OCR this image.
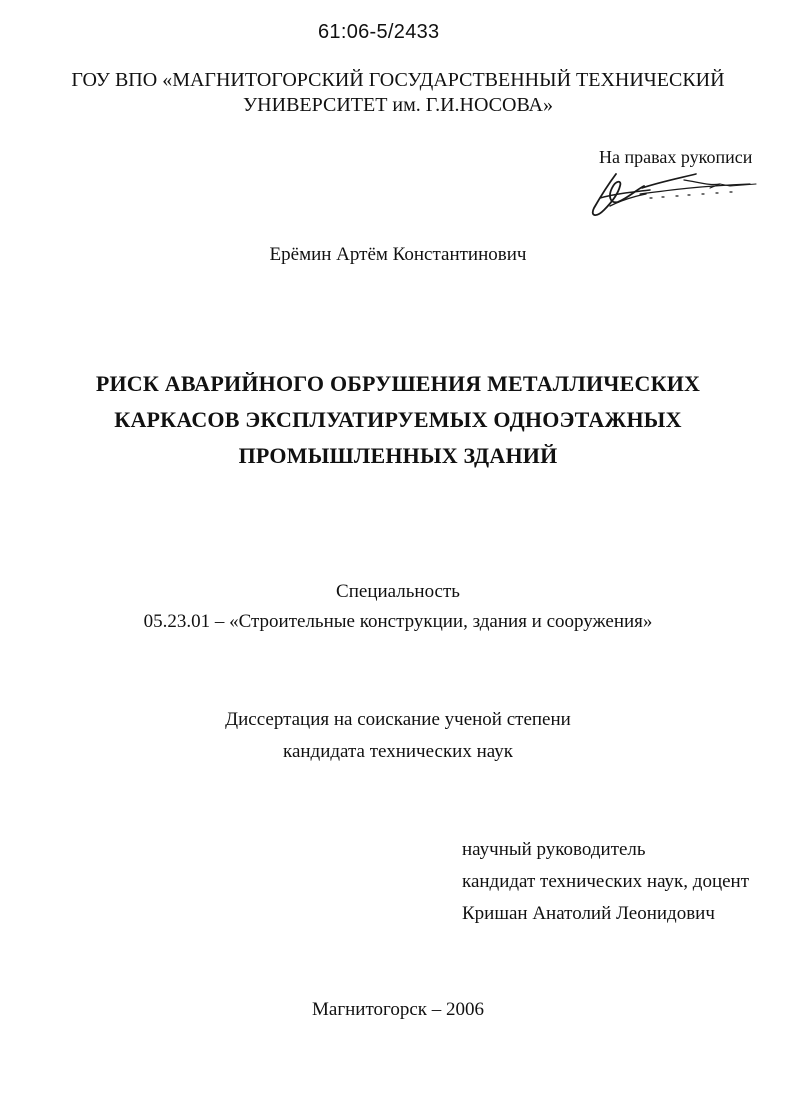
61:06-5/2433
ГОУ ВПО «МАГНИТОГОРСКИЙ ГОСУДАРСТВЕННЫЙ ТЕХНИЧЕСКИЙ
УНИВЕРСИТЕТ им. Г.И.НОСОВА»
На правах рукописи
Ерёмин Артём Константинович
РИСК АВАРИЙНОГО ОБРУШЕНИЯ МЕТАЛЛИЧЕСКИХ
КАРКАСОВ ЭКСПЛУАТИРУЕМЫХ ОДНОЭТАЖНЫХ
ПРОМЫШЛЕННЫХ ЗДАНИЙ
Специальность
05.23.01 – «Строительные конструкции, здания и сооружения»
Диссертация на соискание ученой степени
кандидата технических наук
научный руководитель
кандидат технических наук, доцент
Кришан Анатолий Леонидович
Магнитогорск – 2006
